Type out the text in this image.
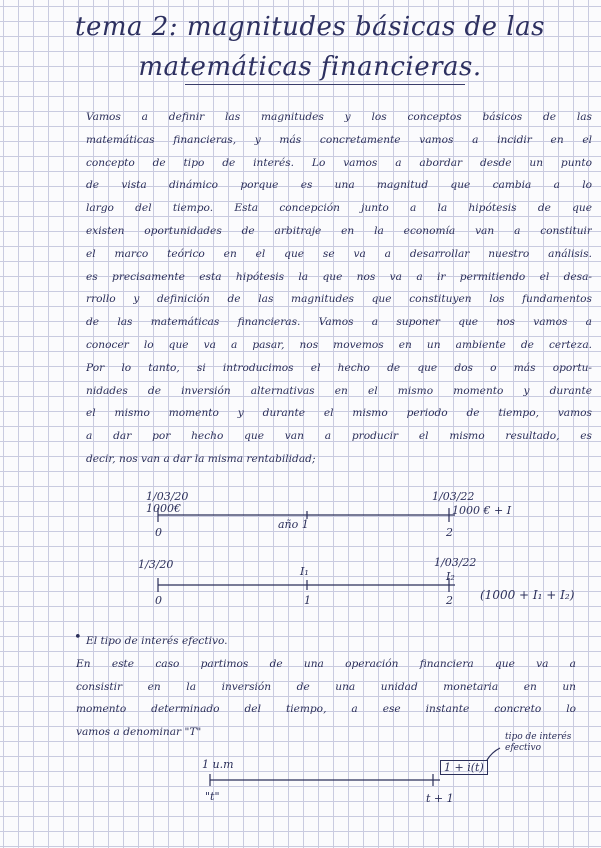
tema 2: magnitudes básicas de las
matemáticas financieras.
Vamos a definir las magnitudes y los conceptos básicos de las
matemáticas financieras, y más concretamente vamos a incidir en el
concepto de tipo de interés. Lo vamos a abordar desde un punto
de vista dinámico porque es una magnitud que cambia a lo
largo del tiempo. Esta concepción junto a la hipótesis de que
existen oportunidades de arbitraje en la economía van a constituir
el marco teórico en el que se va a desarrollar nuestro análisis.
es precisamente esta hipótesis la que nos va a ir permitiendo el desa-
rrollo y definición de las magnitudes que constituyen los fundamentos
de las matemáticas financieras. Vamos a suponer que nos vamos a
conocer lo que va a pasar, nos movemos en un ambiente de certeza.
Por lo tanto, si introducimos el hecho de que dos o más oportu-
nidades de inversión alternativas en el mismo momento y durante
el mismo momento y durante el mismo periodo de tiempo, vamos
a dar por hecho que van a producir el mismo resultado, es
decir, nos van a dar la misma rentabilidad;
1/03/20
1000€
1/03/22
1000 € + I
0
año 1
2
1/3/20
I₁
1/03/22
I₂
0	1	2 (1000 + I₁ + I₂)
• El tipo de interés efectivo.
En este caso partimos de una operación financiera que va a
consistir en la inversión de una unidad monetaria en un
momento determinado del tiempo, a ese instante concreto lo
vamos a denominar "T"
1 u.m
"t"
1 + i(t)
t + 1
tipo de interés efectivo
